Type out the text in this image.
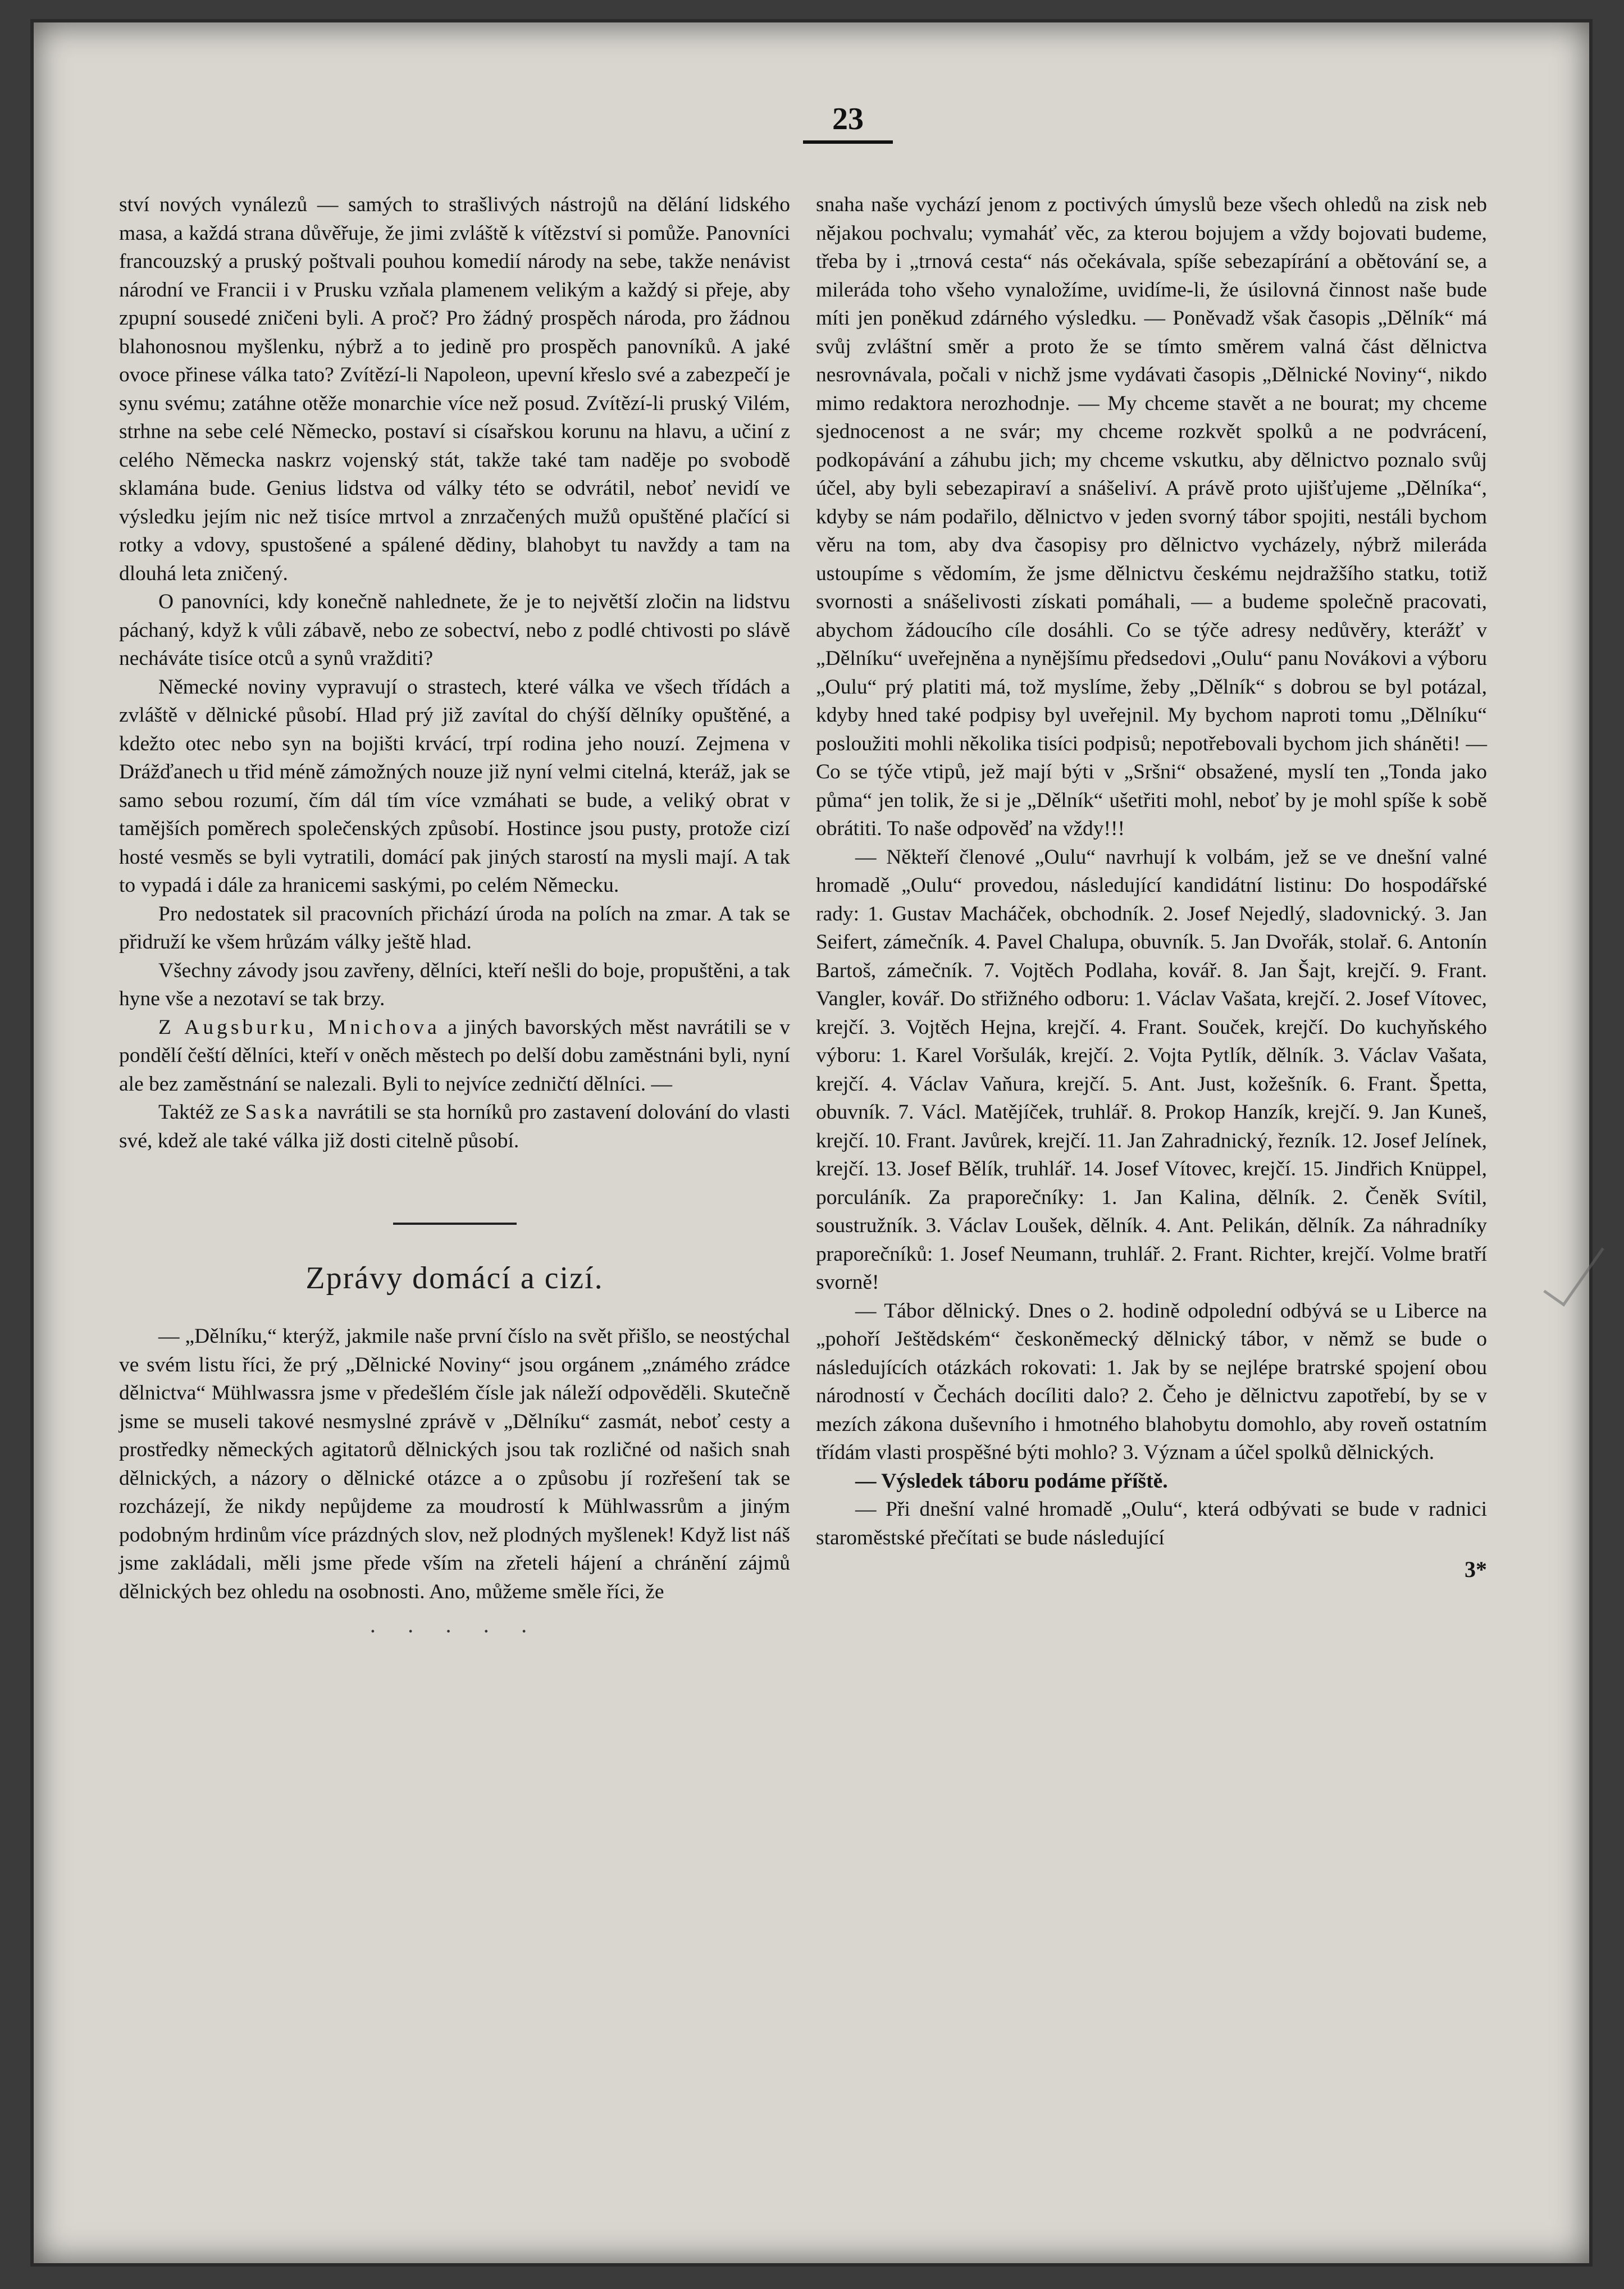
23

ství nových vynálezů — samých to strašlivých nástrojů na dělání lidského masa, a každá strana důvěřuje, že jimi zvláště k vítězství si pomůže. Panovníci francouzský a pruský poštvali pouhou komedií národy na sebe, takže nenávist národní ve Francii i v Prusku vzňala plamenem velikým a každý si přeje, aby zpupní sousedé zničeni byli. A proč? Pro žádný prospěch národa, pro žádnou blahonosnou myšlenku, nýbrž a to jedině pro prospěch panovníků. A jaké ovoce přinese válka tato? Zvítězí-li Napoleon, upevní křeslo své a zabezpečí je synu svému; zatáhne otěže monarchie více než posud. Zvítězí-li pruský Vilém, strhne na sebe celé Německo, postaví si císařskou korunu na hlavu, a učiní z celého Německa naskrz vojenský stát, takže také tam naděje po svobodě sklamána bude. Genius lidstva od války této se odvrátil, neboť nevidí ve výsledku jejím nic než tisíce mrtvol a znrzačených mužů opuštěné plačící si rotky a vdovy, spustošené a spálené dědiny, blahobyt tu navždy a tam na dlouhá leta zničený.

O panovníci, kdy konečně nahlednete, že je to největší zločin na lidstvu páchaný, když k vůli zábavě, nebo ze sobectví, nebo z podlé chtivosti po slávě necháváte tisíce otců a synů vražditi?

Německé noviny vypravují o strastech, které válka ve všech třídách a zvláště v dělnické působí. Hlad prý již zavítal do chýší dělníky opuštěné, a kdežto otec nebo syn na bojišti krvácí, trpí rodina jeho nouzí. Zejmena v Drážďanech u třid méně zámožných nouze již nyní velmi citelná, kteráž, jak se samo sebou rozumí, čím dál tím více vzmáhati se bude, a veliký obrat v tamějších poměrech společenských způsobí. Hostince jsou pusty, protože cizí hosté vesměs se byli vytratili, domácí pak jiných starostí na mysli mají. A tak to vypadá i dále za hranicemi saskými, po celém Německu.

Pro nedostatek sil pracovních přichází úroda na polích na zmar. A tak se přidruží ke všem hrůzám války ještě hlad.

Všechny závody jsou zavřeny, dělníci, kteří nešli do boje, propuštěni, a tak hyne vše a nezotaví se tak brzy.

Z Augsburku, Mnichova a jiných bavorských měst navrátili se v pondělí čeští dělníci, kteří v oněch městech po delší dobu zaměstnáni byli, nyní ale bez zaměstnání se nalezali. Byli to nejvíce zedničtí dělníci. —

Taktéž ze Saska navrátili se sta horníků pro zastavení dolování do vlasti své, kdež ale také válka již dosti citelně působí.

Zprávy domácí a cizí.

— „Dělníku,“ kterýž, jakmile naše první číslo na svět přišlo, se neostýchal ve svém listu říci, že prý „Dělnické Noviny“ jsou orgánem „známého zrádce dělnictva“ Mühlwassra jsme v předešlém čísle jak náleží odpověděli. Skutečně jsme se museli takové nesmyslné zprávě v „Dělníku“ zasmát, neboť cesty a prostředky německých agitatorů dělnických jsou tak rozličné od našich snah dělnických, a názory o dělnické otázce a o způsobu jí rozřešení tak se rozcházejí, že nikdy nepůjdeme za moudrostí k Mühlwassrům a jiným podobným hrdinům více prázdných slov, než plodných myšlenek! Když list náš jsme zakládali, měli jsme přede vším na zřeteli hájení a chránění zájmů dělnických bez ohledu na osobnosti. Ano, můžeme směle říci, že

· · · · ·

snaha naše vychází jenom z poctivých úmyslů beze všech ohledů na zisk neb nějakou pochvalu; vymaháť věc, za kterou bojujem a vždy bojovati budeme, třeba by i „trnová cesta“ nás očekávala, spíše sebezapírání a obětování se, a mileráda toho všeho vynaložíme, uvidíme-li, že úsilovná činnost naše bude míti jen poněkud zdárného výsledku. — Poněvadž však časopis „Dělník“ má svůj zvláštní směr a proto že se tímto směrem valná část dělnictva nesrovnávala, počali v nichž jsme vydávati časopis „Dělnické Noviny“, nikdo mimo redaktora nerozhodnje. — My chceme stavět a ne bourat; my chceme sjednocenost a ne svár; my chceme rozkvět spolků a ne podvrácení, podkopávání a záhubu jich; my chceme vskutku, aby dělnictvo poznalo svůj účel, aby byli sebezapiraví a snášeliví. A právě proto ujišťujeme „Dělníka“, kdyby se nám podařilo, dělnictvo v jeden svorný tábor spojiti, nestáli bychom věru na tom, aby dva časopisy pro dělnictvo vycházely, nýbrž mileráda ustoupíme s vědomím, že jsme dělnictvu českému nejdražšího statku, totiž svornosti a snášelivosti získati pomáhali, — a budeme společně pracovati, abychom žádoucího cíle dosáhli. Co se týče adresy nedůvěry, kterážť v „Dělníku“ uveřejněna a nynějšímu předsedovi „Oulu“ panu Novákovi a výboru „Oulu“ prý platiti má, tož myslíme, žeby „Dělník“ s dobrou se byl potázal, kdyby hned také podpisy byl uveřejnil. My bychom naproti tomu „Dělníku“ posloužiti mohli několika tisíci podpisů; nepotřebovali bychom jich sháněti! — Co se týče vtipů, jež mají býti v „Sršni“ obsažené, myslí ten „Tonda jako půma“ jen tolik, že si je „Dělník“ ušetřiti mohl, neboť by je mohl spíše k sobě obrátiti. To naše odpověď na vždy!!!

— Někteří členové „Oulu“ navrhují k volbám, jež se ve dnešní valné hromadě „Oulu“ provedou, následující kandidátní listinu: Do hospodářské rady: 1. Gustav Macháček, obchodník. 2. Josef Nejedlý, sladovnický. 3. Jan Seifert, zámečník. 4. Pavel Chalupa, obuvník. 5. Jan Dvořák, stolař. 6. Antonín Bartoš, zámečník. 7. Vojtěch Podlaha, kovář. 8. Jan Šajt, krejčí. 9. Frant. Vangler, kovář. Do střižného odboru: 1. Václav Vašata, krejčí. 2. Josef Vítovec, krejčí. 3. Vojtěch Hejna, krejčí. 4. Frant. Souček, krejčí. Do kuchyňského výboru: 1. Karel Voršulák, krejčí. 2. Vojta Pytlík, dělník. 3. Václav Vašata, krejčí. 4. Václav Vaňura, krejčí. 5. Ant. Just, kožešník. 6. Frant. Špetta, obuvník. 7. Václ. Matějíček, truhlář. 8. Prokop Hanzík, krejčí. 9. Jan Kuneš, krejčí. 10. Frant. Javůrek, krejčí. 11. Jan Zahradnický, řezník. 12. Josef Jelínek, krejčí. 13. Josef Bělík, truhlář. 14. Josef Vítovec, krejčí. 15. Jindřich Knüppel, porculáník. Za praporečníky: 1. Jan Kalina, dělník. 2. Čeněk Svítil, soustružník. 3. Václav Loušek, dělník. 4. Ant. Pelikán, dělník. Za náhradníky praporečníků: 1. Josef Neumann, truhlář. 2. Frant. Richter, krejčí. Volme bratří svorně!

— Tábor dělnický. Dnes o 2. hodině odpolední odbývá se u Liberce na „pohoří Ještědském“ českoněmecký dělnický tábor, v němž se bude o následujících otázkách rokovati: 1. Jak by se nejlépe bratrské spojení obou národností v Čechách docíliti dalo? 2. Čeho je dělnictvu zapotřebí, by se v mezích zákona duševního i hmotného blahobytu domohlo, aby roveň ostatním třídám vlasti prospěšné býti mohlo? 3. Význam a účel spolků dělnických.

— Výsledek táboru podáme příště.

— Při dnešní valné hromadě „Oulu“, která odbývati se bude v radnici staroměstské přečítati se bude následující

3*
